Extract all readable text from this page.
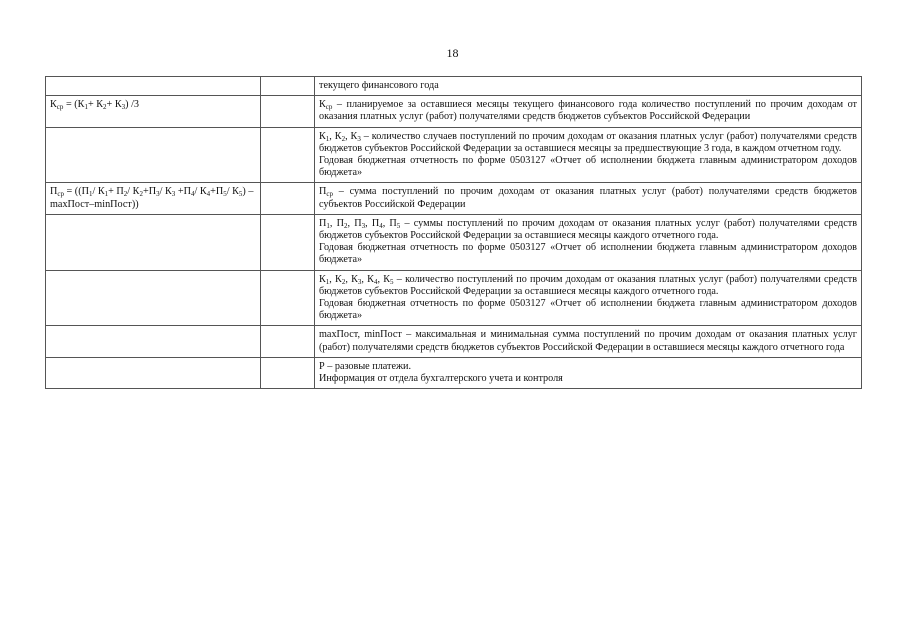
18

		текущего финансового года

$К_{ср} = (К_1+ К_2+ К_3)$ /3		$К_{ср}$ – планируемое за оставшиеся месяцы текущего финансового года количество поступлений по прочим доходам от оказания платных услуг (работ) получателями средств бюджетов субъектов Российской Федерации

		$К_1$, $К_2$, $К_3$ – количество случаев поступлений по прочим доходам от оказания платных услуг (работ) получателями средств бюджетов субъектов Российской Федерации за оставшиеся месяцы за предшествующие 3 года, в каждом отчетном году.
Годовая бюджетная отчетность по форме 0503127 «Отчет об исполнении бюджета главным администратором доходов бюджета»

$П_{ср} = ((П_1/$ $К_1+ П_2/$ $К_2+П_3/$ $К_3 +П_4/$ $К_4+П_5/$ $К_5$) – maxПост–minПост))		$П_{ср}$ – сумма поступлений по прочим доходам от оказания платных услуг (работ) получателями средств бюджетов субъектов Российской Федерации

		$П_1$, $П_2$, $П_3$, $П_4$, $П_5$ – суммы поступлений по прочим доходам от оказания платных услуг (работ) получателями средств бюджетов субъектов Российской Федерации за оставшиеся месяцы каждого отчетного года.
Годовая бюджетная отчетность по форме 0503127 «Отчет об исполнении бюджета главным администратором доходов бюджета»

		$К_1$, $К_2$, $К_3$, $К_4$, $К_5$ – количество поступлений по прочим доходам от оказания платных услуг (работ) получателями средств бюджетов субъектов Российской Федерации за оставшиеся месяцы каждого отчетного года.
Годовая бюджетная отчетность по форме 0503127 «Отчет об исполнении бюджета главным администратором доходов бюджета»

		maxПост, minПост – максимальная и минимальная сумма поступлений по прочим доходам от оказания платных услуг (работ) получателями средств бюджетов субъектов Российской Федерации в оставшиеся месяцы каждого отчетного года

		Р – разовые платежи.
Информация от отдела бухгалтерского учета и контроля
